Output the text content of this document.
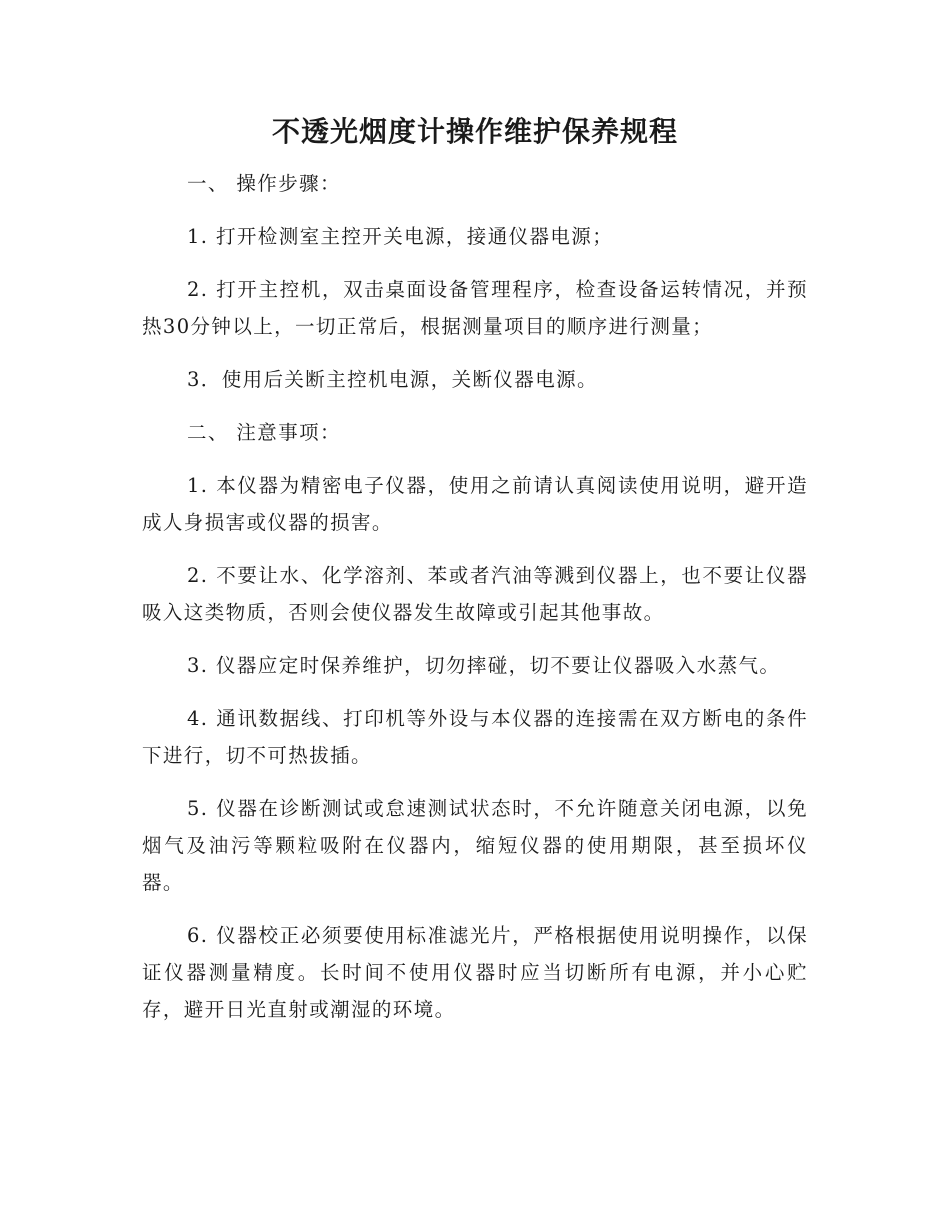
不透光烟度计操作维护保养规程

一、 操作步骤：

1. 打开检测室主控开关电源，接通仪器电源；

2. 打开主控机，双击桌面设备管理程序，检查设备运转情况，并预热30分钟以上，一切正常后，根据测量项目的顺序进行测量；

3．使用后关断主控机电源，关断仪器电源。

二、 注意事项：

1. 本仪器为精密电子仪器，使用之前请认真阅读使用说明，避开造成人身损害或仪器的损害。

2. 不要让水、化学溶剂、苯或者汽油等溅到仪器上，也不要让仪器吸入这类物质，否则会使仪器发生故障或引起其他事故。

3. 仪器应定时保养维护，切勿摔碰，切不要让仪器吸入水蒸气。

4. 通讯数据线、打印机等外设与本仪器的连接需在双方断电的条件下进行，切不可热拔插。

5. 仪器在诊断测试或怠速测试状态时，不允许随意关闭电源，以免烟气及油污等颗粒吸附在仪器内，缩短仪器的使用期限，甚至损坏仪器。

6. 仪器校正必须要使用标准滤光片，严格根据使用说明操作，以保证仪器测量精度。长时间不使用仪器时应当切断所有电源，并小心贮存，避开日光直射或潮湿的环境。
